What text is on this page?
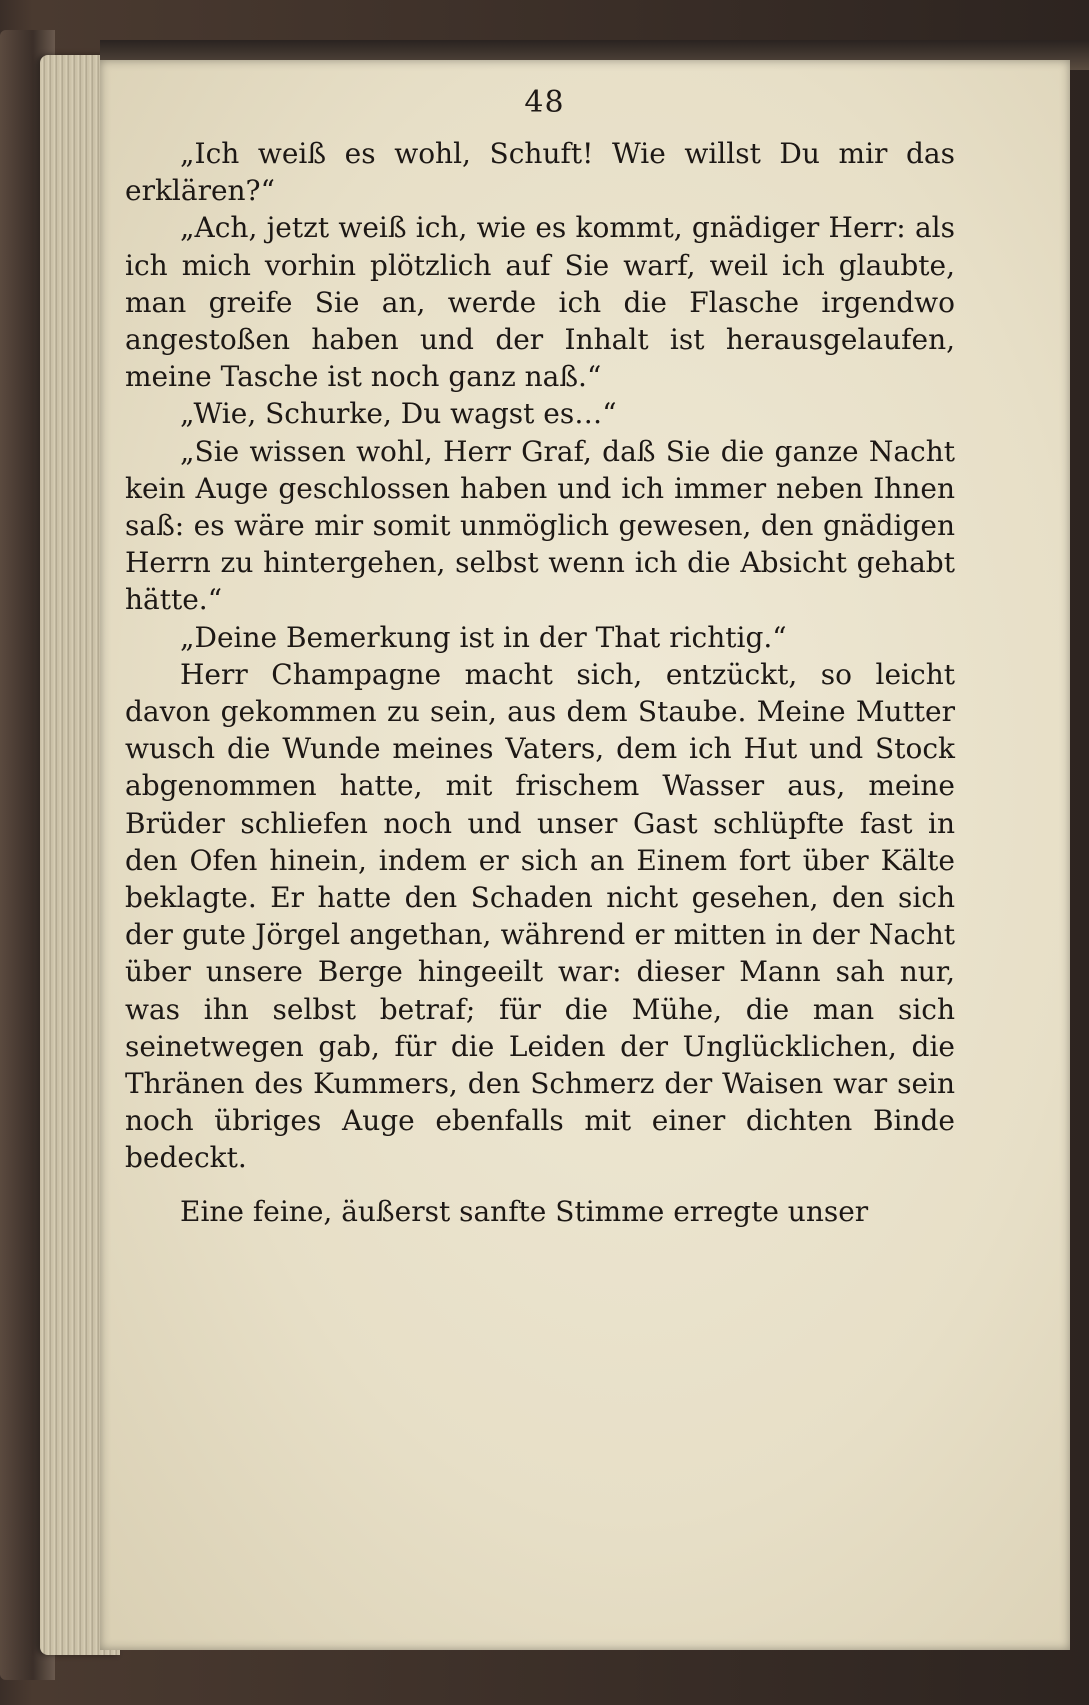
48

„Ich weiß es wohl, Schuft! Wie willst Du mir das erklären?“

„Ach, jetzt weiß ich, wie es kommt, gnädiger Herr: als ich mich vorhin plötzlich auf Sie warf, weil ich glaubte, man greife Sie an, werde ich die Flasche irgendwo angestoßen haben und der Inhalt ist herausgelaufen, meine Tasche ist noch ganz naß.“

„Wie, Schurke, Du wagst es…“

„Sie wissen wohl, Herr Graf, daß Sie die ganze Nacht kein Auge geschlossen haben und ich immer neben Ihnen saß: es wäre mir somit unmöglich gewesen, den gnädigen Herrn zu hintergehen, selbst wenn ich die Absicht gehabt hätte.“

„Deine Bemerkung ist in der That richtig.“

Herr Champagne macht sich, entzückt, so leicht davon gekommen zu sein, aus dem Staube. Meine Mutter wusch die Wunde meines Vaters, dem ich Hut und Stock abgenommen hatte, mit frischem Wasser aus, meine Brüder schliefen noch und unser Gast schlüpfte fast in den Ofen hinein, indem er sich an Einem fort über Kälte beklagte. Er hatte den Schaden nicht gesehen, den sich der gute Jörgel angethan, während er mitten in der Nacht über unsere Berge hingeeilt war: dieser Mann sah nur, was ihn selbst betraf; für die Mühe, die man sich seinetwegen gab, für die Leiden der Unglücklichen, die Thränen des Kummers, den Schmerz der Waisen war sein noch übriges Auge ebenfalls mit einer dichten Binde bedeckt.

Eine feine, äußerst sanfte Stimme erregte unser
